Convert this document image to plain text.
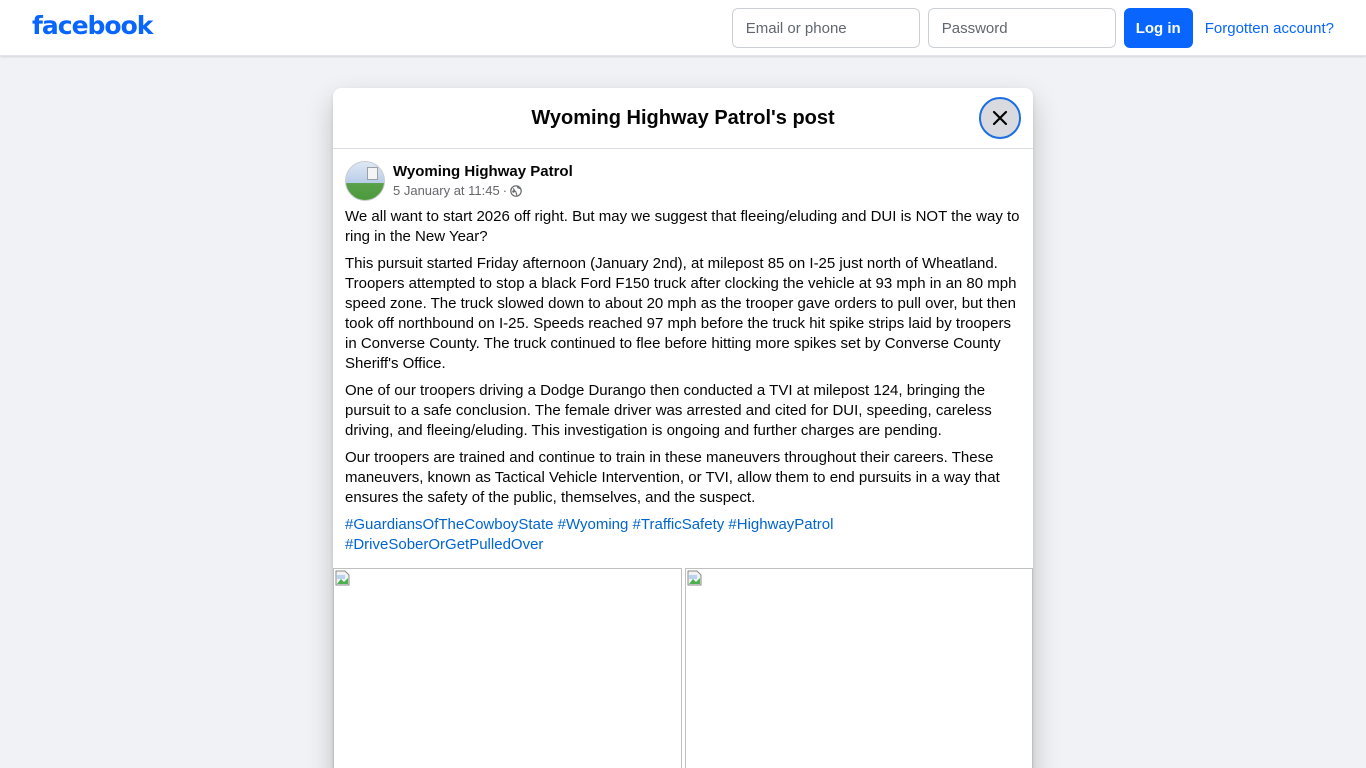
facebook
Email or phone	Log in	Forgotten account?
Wyoming Highway Patrol's post
Wyoming Highway Patrol
5 January at 11:45 ·

We all want to start 2026 off right. But may we suggest that fleeing/eluding and DUI is NOT the way to ring in the New Year?

This pursuit started Friday afternoon (January 2nd), at milepost 85 on I-25 just north of Wheatland. Troopers attempted to stop a black Ford F150 truck after clocking the vehicle at 93 mph in an 80 mph speed zone. The truck slowed down to about 20 mph as the trooper gave orders to pull over, but then took off northbound on I-25. Speeds reached 97 mph before the truck hit spike strips laid by troopers in Converse County. The truck continued to flee before hitting more spikes set by Converse County Sheriff's Office.

One of our troopers driving a Dodge Durango then conducted a TVI at milepost 124, bringing the pursuit to a safe conclusion. The female driver was arrested and cited for DUI, speeding, careless driving, and fleeing/eluding. This investigation is ongoing and further charges are pending.

Our troopers are trained and continue to train in these maneuvers throughout their careers. These maneuvers, known as Tactical Vehicle Intervention, or TVI, allow them to end pursuits in a way that ensures the safety of the public, themselves, and the suspect.

#GuardiansOfTheCowboyState #Wyoming #TrafficSafety #HighwayPatrol
#DriveSoberOrGetPulledOver
